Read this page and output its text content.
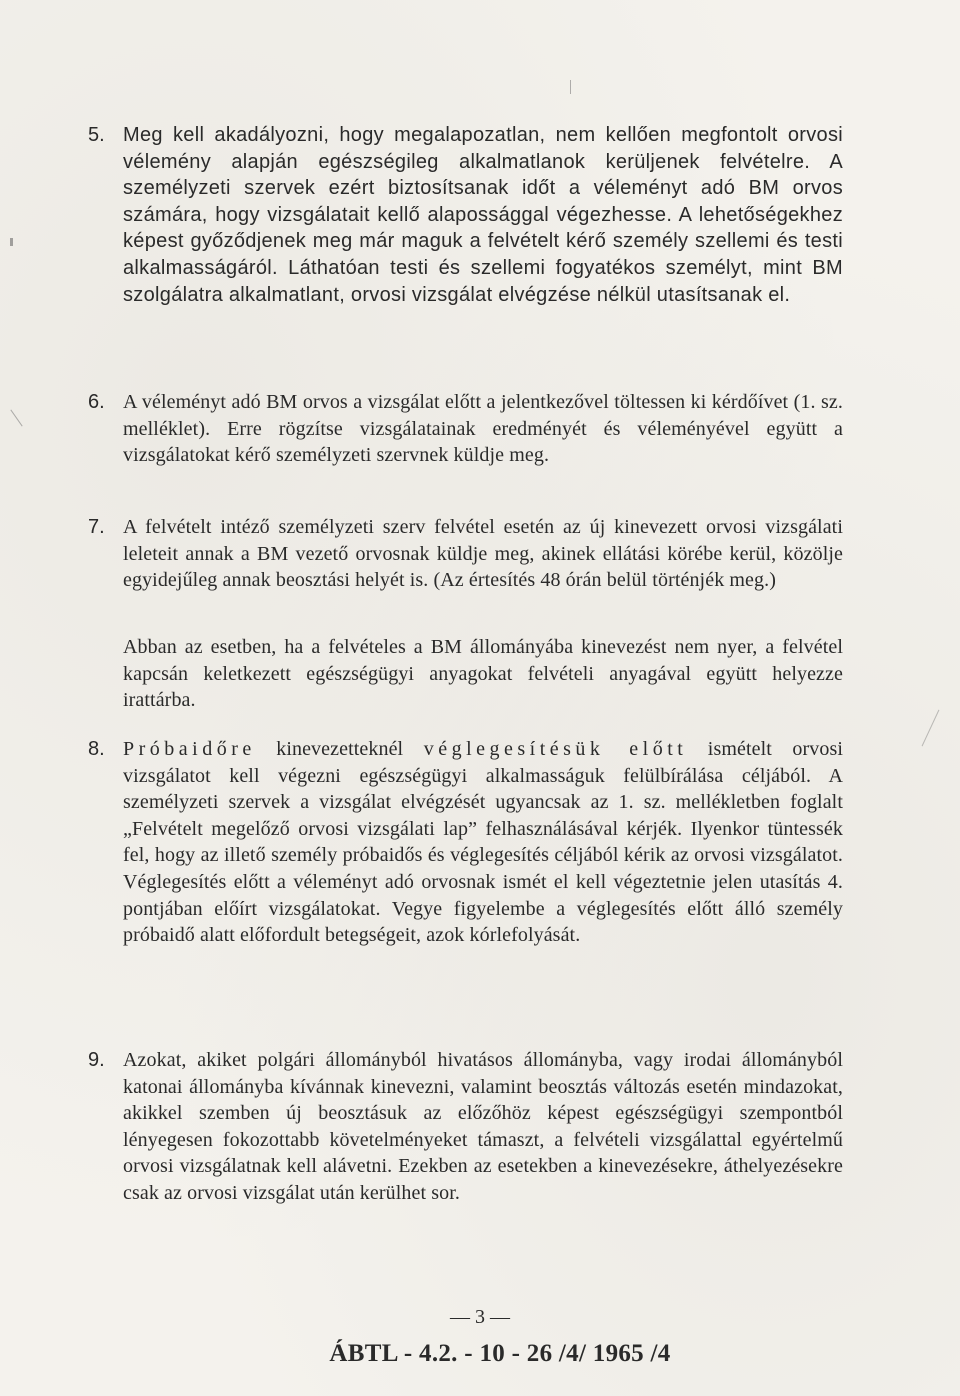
5. Meg kell akadályozni, hogy megalapozatlan, nem kellően megfontolt orvosi vélemény alapján egészségileg alkalmatlanok kerüljenek felvételre. A személyzeti szervek ezért biztosítsanak időt a véleményt adó BM orvos számára, hogy vizsgálatait kellő alapossággal végezhesse. A lehetőségekhez képest győződjenek meg már maguk a felvételt kérő személy szellemi és testi alkalmasságáról. Láthatóan testi és szellemi fogyatékos személyt, mint BM szolgálatra alkalmatlant, orvosi vizsgálat elvégzése nélkül utasítsanak el.

6. A véleményt adó BM orvos a vizsgálat előtt a jelentkezővel töltessen ki kérdőívet (1. sz. melléklet). Erre rögzítse vizsgálatainak eredményét és véleményével együtt a vizsgálatokat kérő személyzeti szervnek küldje meg.

7. A felvételt intéző személyzeti szerv felvétel esetén az új kinevezett orvosi vizsgálati leleteit annak a BM vezető orvosnak küldje meg, akinek ellátási körébe kerül, közölje egyidejűleg annak beosztási helyét is. (Az értesítés 48 órán belül történjék meg.)

Abban az esetben, ha a felvételes a BM állományába kinevezést nem nyer, a felvétel kapcsán keletkezett egészségügyi anyagokat felvételi anyagával együtt helyezze irattárba.

8. Próbaidőre kinevezetteknél véglegesítésük előtt ismételt orvosi vizsgálatot kell végezni egészségügyi alkalmasságuk felülbírálása céljából. A személyzeti szervek a vizsgálat elvégzését ugyancsak az 1. sz. mellékletben foglalt „Felvételt megelőző orvosi vizsgálati lap” felhasználásával kérjék. Ilyenkor tüntessék fel, hogy az illető személy próbaidős és véglegesítés céljából kérik az orvosi vizsgálatot. Véglegesítés előtt a véleményt adó orvosnak ismét el kell végeztetnie jelen utasítás 4. pontjában előírt vizsgálatokat. Vegye figyelembe a véglegesítés előtt álló személy próbaidő alatt előfordult betegségeit, azok kórlefolyását.

9. Azokat, akiket polgári állományból hivatásos állományba, vagy irodai állományból katonai állományba kívánnak kinevezni, valamint beosztás változás esetén mindazokat, akikkel szemben új beosztásuk az előzőhöz képest egészségügyi szempontból lényegesen fokozottabb követelményeket támaszt, a felvételi vizsgálattal egyértelmű orvosi vizsgálatnak kell alávetni. Ezekben az esetekben a kinevezésekre, áthelyezésekre csak az orvosi vizsgálat után kerülhet sor.

— 3 —
ÁBTL - 4.2. - 10 - 26 /4/ 1965 /4
